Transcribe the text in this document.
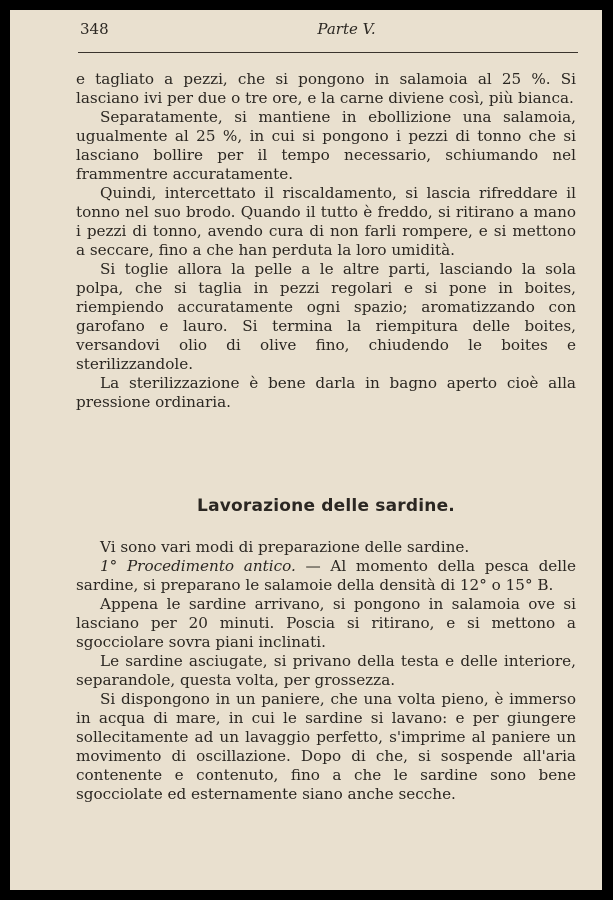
348	Parte V.

e tagliato a pezzi, che si pongono in salamoia al 25 %. Si lasciano ivi per due o tre ore, e la carne diviene così, più bianca.

Separatamente, si mantiene in ebollizione una salamoia, ugualmente al 25 %, in cui si pongono i pezzi di tonno che si lasciano bollire per il tempo necessario, schiumando nel frammentre accuratamente.

Quindi, intercettato il riscaldamento, si lascia rifreddare il tonno nel suo brodo. Quando il tutto è freddo, si ritirano a mano i pezzi di tonno, avendo cura di non farli rompere, e si mettono a seccare, fino a che han perduta la loro umidità.

Si toglie allora la pelle a le altre parti, lasciando la sola polpa, che si taglia in pezzi regolari e si pone in boites, riempiendo accuratamente ogni spazio; aromatizzando con garofano e lauro. Si termina la riempitura delle boites, versandovi olio di olive fino, chiudendo le boites e sterilizzandole.

La sterilizzazione è bene darla in bagno aperto cioè alla pressione ordinaria.

Lavorazione delle sardine.

Vi sono vari modi di preparazione delle sardine.

1° Procedimento antico. — Al momento della pesca delle sardine, si preparano le salamoie della densità di 12° o 15° B.

Appena le sardine arrivano, si pongono in salamoia ove si lasciano per 20 minuti. Poscia si ritirano, e si mettono a sgocciolare sovra piani inclinati.

Le sardine asciugate, si privano della testa e delle interiore, separandole, questa volta, per grossezza.

Si dispongono in un paniere, che una volta pieno, è immerso in acqua di mare, in cui le sardine si lavano: e per giungere sollecitamente ad un lavaggio perfetto, s'imprime al paniere un movimento di oscillazione. Dopo di che, si sospende all'aria contenente e contenuto, fino a che le sardine sono bene sgocciolate ed esternamente siano anche secche.
